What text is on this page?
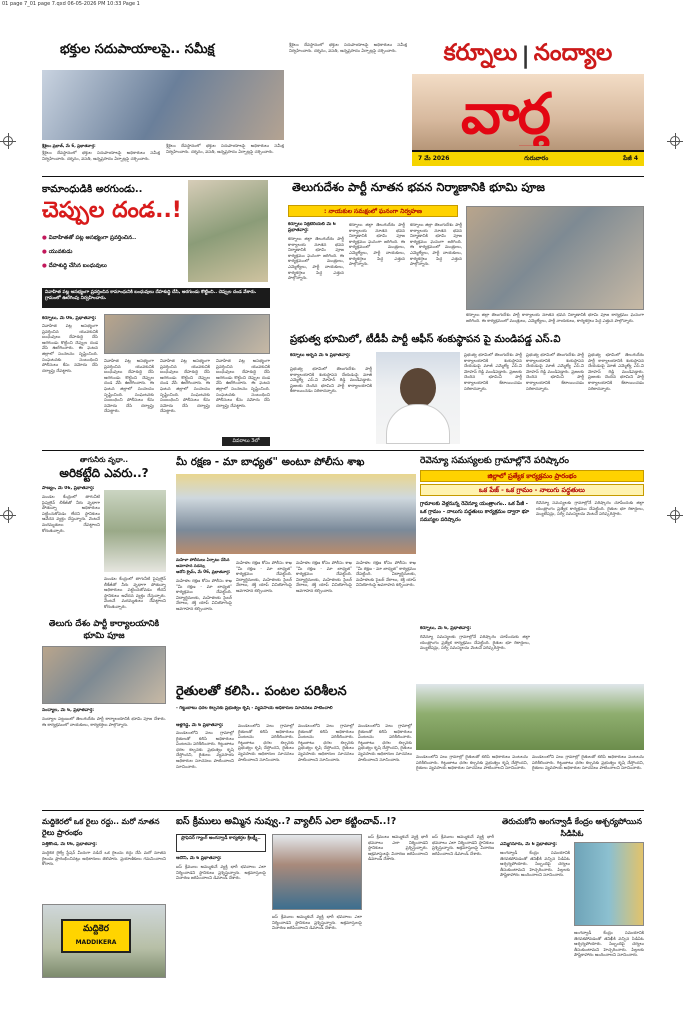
01 page 7_01 page 7.qxd 06-05-2026 PM 10:33 Page 1
భక్తుల సదుపాయాలపై.. సమీక్ష
శ్రీశైలం ప్రభాత్, మే 6, ప్రభాతవార్త:
శ్రీశైలం దేవస్థానంలో భక్తుల సదుపాయాలపై అధికారులు సమీక్ష నిర్వహించారు. దర్శనం, వసతి, అన్నప్రసాదం ఏర్పాట్లపై చర్చించారు.
శ్రీశైలం దేవస్థానంలో భక్తుల సదుపాయాలపై అధికారులు సమీక్ష నిర్వహించారు. దర్శనం, వసతి, అన్నప్రసాదం ఏర్పాట్లపై చర్చించారు.
శ్రీశైలం దేవస్థానంలో భక్తుల సదుపాయాలపై అధికారులు సమీక్ష నిర్వహించారు. దర్శనం, వసతి, అన్నప్రసాదం ఏర్పాట్లపై చర్చించారు.	కర్నూలు | నంద్యాల
వార్త
7 మే 2026	గురువారం	పేజీ 4
కామాంధుడికి అరగుండు..
చెప్పుల దండ..!
● వివాహితతో పట్ల అసభ్యంగా ప్రవర్తించిన..
● యువకుడు
● దేహశుద్ధి చేసిన బంధువులు
వివాహిత పట్ల అసభ్యంగా ప్రవర్తించిన కామాంధునికి బంధువులు దేహశుద్ధి చేసి, అరగుండు కొట్టించి.. చెప్పుల దండ వేశారు. గ్రామంలో ఊరేగింపు నిర్వహించారు.
కర్నూలు, మే 06, ప్రభాతవార్త:
వివాహిత పట్ల అసభ్యంగా ప్రవర్తించిన యువకునికి బంధువులు దేహశుద్ధి చేసి అరగుండు కొట్టించి చెప్పుల దండ వేసి ఊరేగించారు. ఈ ఘటన జిల్లాలో సంచలనం సృష్టించింది. సంఘటనకు సంబంధించి పోలీసులు కేసు నమోదు చేసి దర్యాప్తు చేపట్టారు.
వివాహిత పట్ల అసభ్యంగా ప్రవర్తించిన యువకునికి బంధువులు దేహశుద్ధి చేసి అరగుండు కొట్టించి చెప్పుల దండ వేసి ఊరేగించారు. ఈ ఘటన జిల్లాలో సంచలనం సృష్టించింది. సంఘటనకు సంబంధించి పోలీసులు కేసు నమోదు చేసి దర్యాప్తు చేపట్టారు.
వివాహిత పట్ల అసభ్యంగా ప్రవర్తించిన యువకునికి బంధువులు దేహశుద్ధి చేసి అరగుండు కొట్టించి చెప్పుల దండ వేసి ఊరేగించారు. ఈ ఘటన జిల్లాలో సంచలనం సృష్టించింది. సంఘటనకు సంబంధించి పోలీసులు కేసు నమోదు చేసి దర్యాప్తు చేపట్టారు.
వివాహిత పట్ల అసభ్యంగా ప్రవర్తించిన యువకునికి బంధువులు దేహశుద్ధి చేసి అరగుండు కొట్టించి చెప్పుల దండ వేసి ఊరేగించారు. ఈ ఘటన జిల్లాలో సంచలనం సృష్టించింది. సంఘటనకు సంబంధించి పోలీసులు కేసు నమోదు చేసి దర్యాప్తు చేపట్టారు.
తెలుగుదేశం పార్టీ నూతన భవన నిర్మాణానికి భూమి పూజ
: నాయకుల సమక్షంలో ఘనంగా నిర్వహణ
కర్నూలు సెక్రటేరియట్ మే 6 ప్రభాతవార్త:
కర్నూలు జిల్లా తెలుగుదేశం పార్టీ కార్యాలయ నూతన భవన నిర్మాణానికి భూమి పూజ కార్యక్రమం ఘనంగా జరిగింది. ఈ కార్యక్రమంలో మంత్రులు, ఎమ్మెల్యేలు, పార్టీ నాయకులు, కార్యకర్తలు పెద్ద ఎత్తున పాల్గొన్నారు.
కర్నూలు జిల్లా తెలుగుదేశం పార్టీ కార్యాలయ నూతన భవన నిర్మాణానికి భూమి పూజ కార్యక్రమం ఘనంగా జరిగింది. ఈ కార్యక్రమంలో మంత్రులు, ఎమ్మెల్యేలు, పార్టీ నాయకులు, కార్యకర్తలు పెద్ద ఎత్తున పాల్గొన్నారు.
కర్నూలు జిల్లా తెలుగుదేశం పార్టీ కార్యాలయ నూతన భవన నిర్మాణానికి భూమి పూజ కార్యక్రమం ఘనంగా జరిగింది. ఈ కార్యక్రమంలో మంత్రులు, ఎమ్మెల్యేలు, పార్టీ నాయకులు, కార్యకర్తలు పెద్ద ఎత్తున పాల్గొన్నారు.
కర్నూలు జిల్లా తెలుగుదేశం పార్టీ కార్యాలయ నూతన భవన నిర్మాణానికి భూమి పూజ కార్యక్రమం ఘనంగా జరిగింది. ఈ కార్యక్రమంలో మంత్రులు, ఎమ్మెల్యేలు, పార్టీ నాయకులు, కార్యకర్తలు పెద్ద ఎత్తున పాల్గొన్నారు.
ప్రభుత్వ భూమిలో, టీడీపీ పార్టీ ఆఫీస్ శంకుస్థాపన పై మండిపడ్డ ఎస్.వి
కర్నూలు అర్బన్ మే 6 ప్రభాతవార్త:
ప్రభుత్వ భూమిలో తెలుగుదేశం పార్టీ కార్యాలయానికి శంకుస్థాపన చేయడంపై మాజీ ఎమ్మెల్యే ఎస్.వి మోహన్ రెడ్డి మండిపడ్డారు. ప్రజలకు చెందిన భూమిని పార్టీ కార్యాలయానికి కేటాయించడం సరికాదన్నారు.
ప్రభుత్వ భూమిలో తెలుగుదేశం పార్టీ కార్యాలయానికి శంకుస్థాపన చేయడంపై మాజీ ఎమ్మెల్యే ఎస్.వి మోహన్ రెడ్డి మండిపడ్డారు. ప్రజలకు చెందిన భూమిని పార్టీ కార్యాలయానికి కేటాయించడం సరికాదన్నారు.
ప్రభుత్వ భూమిలో తెలుగుదేశం పార్టీ కార్యాలయానికి శంకుస్థాపన చేయడంపై మాజీ ఎమ్మెల్యే ఎస్.వి మోహన్ రెడ్డి మండిపడ్డారు. ప్రజలకు చెందిన భూమిని పార్టీ కార్యాలయానికి కేటాయించడం సరికాదన్నారు.
ప్రభుత్వ భూమిలో తెలుగుదేశం పార్టీ కార్యాలయానికి శంకుస్థాపన చేయడంపై మాజీ ఎమ్మెల్యే ఎస్.వి మోహన్ రెడ్డి మండిపడ్డారు. ప్రజలకు చెందిన భూమిని పార్టీ కార్యాలయానికి కేటాయించడం సరికాదన్నారు.
వివరాలు 3లో
తాగునీరు వృధా..
అరికట్టేది ఎవరు..?
పాణ్యం, మే 06, ప్రభాతవార్త:
మండల కేంద్రంలో తాగునీటి పైపులైన్ లీకేజీతో నీరు వృధాగా పోతున్నా అధికారులు పట్టించుకోవడం లేదని స్థానికులు ఆవేదన వ్యక్తం చేస్తున్నారు. వెంటనే మరమ్మతులు చేపట్టాలని కోరుతున్నారు.
మండల కేంద్రంలో తాగునీటి పైపులైన్ లీకేజీతో నీరు వృధాగా పోతున్నా అధికారులు పట్టించుకోవడం లేదని స్థానికులు ఆవేదన వ్యక్తం చేస్తున్నారు. వెంటనే మరమ్మతులు చేపట్టాలని కోరుతున్నారు.
తెలుగు దేశం పార్టీ కార్యాలయానికి భూమి పూజ
నంద్యాల, మే 6, ప్రభాతవార్త:
నంద్యాల పట్టణంలో తెలుగుదేశం పార్టీ కార్యాలయానికి భూమి పూజ చేశారు. ఈ కార్యక్రమంలో నాయకులు, కార్యకర్తలు పాల్గొన్నారు.
మీ రక్షణ - మా బాధ్యత" అంటూ పోలీసు శాఖ
మహిళా పోలీసులు ఏర్పాటు చేసిన అవగాహన సదస్సు
ఆదోని క్రైమ్, మే 06, ప్రభాతవార్త:
మహిళల రక్షణ కోసం పోలీసు శాఖ "మీ రక్షణ - మా బాధ్యత" కార్యక్రమం చేపట్టింది. విద్యార్థినులకు, మహిళలకు సైబర్ నేరాలు, శక్తి యాప్ వినియోగంపై అవగాహన కల్పించారు.
మహిళల రక్షణ కోసం పోలీసు శాఖ "మీ రక్షణ - మా బాధ్యత" కార్యక్రమం చేపట్టింది. విద్యార్థినులకు, మహిళలకు సైబర్ నేరాలు, శక్తి యాప్ వినియోగంపై అవగాహన కల్పించారు.
మహిళల రక్షణ కోసం పోలీసు శాఖ "మీ రక్షణ - మా బాధ్యత" కార్యక్రమం చేపట్టింది. విద్యార్థినులకు, మహిళలకు సైబర్ నేరాలు, శక్తి యాప్ వినియోగంపై అవగాహన కల్పించారు.
మహిళల రక్షణ కోసం పోలీసు శాఖ "మీ రక్షణ - మా బాధ్యత" కార్యక్రమం చేపట్టింది. విద్యార్థినులకు, మహిళలకు సైబర్ నేరాలు, శక్తి యాప్ వినియోగంపై అవగాహన కల్పించారు.
రెవెన్యూ సమస్యలకు గ్రామాల్లోనే పరిష్కారం
జిల్లాలో ప్రత్యేక కార్యక్రమం ప్రారంభం
ఒక పేజ్ - ఒక గ్రామం - నాలుగు పద్ధతులు
గ్రామాలకు వెళ్లనున్న రెవెన్యూ యంత్రాంగం.. ఒక పేజీ - ఒక గ్రామం - నాలుగు పద్ధతులు కార్యక్రమం ద్వారా భూ సమస్యల పరిష్కారం
కర్నూలు, మే 6, ప్రభాతవార్త:
రెవెన్యూ సమస్యలకు గ్రామాల్లోనే పరిష్కారం చూపేందుకు జిల్లా యంత్రాంగం ప్రత్యేక కార్యక్రమం చేపట్టింది. రైతుల భూ రికార్డులు, మ్యుటేషన్లు, సర్వే సమస్యలను వెంటనే పరిష్కరిస్తారు.
రెవెన్యూ సమస్యలకు గ్రామాల్లోనే పరిష్కారం చూపేందుకు జిల్లా యంత్రాంగం ప్రత్యేక కార్యక్రమం చేపట్టింది. రైతుల భూ రికార్డులు, మ్యుటేషన్లు, సర్వే సమస్యలను వెంటనే పరిష్కరిస్తారు.
రైతులతో కలిసి.. పంటల పరిశీలన
- గిట్టుబాటు ధరల కల్పనకు ప్రభుత్వం కృషి - వ్యవసాయ అధికారుల సూచనలు పాటించాలి
ఆళ్లగడ్డ, మే 6 ప్రభాతవార్త:
మండలంలోని పలు గ్రామాల్లో రైతులతో కలిసి అధికారులు పంటలను పరిశీలించారు. గిట్టుబాటు ధరల కల్పనకు ప్రభుత్వం కృషి చేస్తోందని, రైతులు వ్యవసాయ అధికారుల సూచనలు పాటించాలని సూచించారు.
మండలంలోని పలు గ్రామాల్లో రైతులతో కలిసి అధికారులు పంటలను పరిశీలించారు. గిట్టుబాటు ధరల కల్పనకు ప్రభుత్వం కృషి చేస్తోందని, రైతులు వ్యవసాయ అధికారుల సూచనలు పాటించాలని సూచించారు.
మండలంలోని పలు గ్రామాల్లో రైతులతో కలిసి అధికారులు పంటలను పరిశీలించారు. గిట్టుబాటు ధరల కల్పనకు ప్రభుత్వం కృషి చేస్తోందని, రైతులు వ్యవసాయ అధికారుల సూచనలు పాటించాలని సూచించారు.
మండలంలోని పలు గ్రామాల్లో రైతులతో కలిసి అధికారులు పంటలను పరిశీలించారు. గిట్టుబాటు ధరల కల్పనకు ప్రభుత్వం కృషి చేస్తోందని, రైతులు వ్యవసాయ అధికారుల సూచనలు పాటించాలని సూచించారు.
మండలంలోని పలు గ్రామాల్లో రైతులతో కలిసి అధికారులు పంటలను పరిశీలించారు. గిట్టుబాటు ధరల కల్పనకు ప్రభుత్వం కృషి చేస్తోందని, రైతులు వ్యవసాయ అధికారుల సూచనలు పాటించాలని సూచించారు.
మండలంలోని పలు గ్రామాల్లో రైతులతో కలిసి అధికారులు పంటలను పరిశీలించారు. గిట్టుబాటు ధరల కల్పనకు ప్రభుత్వం కృషి చేస్తోందని, రైతులు వ్యవసాయ అధికారుల సూచనలు పాటించాలని సూచించారు.
మద్దికెరలో ఒక రైలు రద్దు.. మరో నూతన రైలు ప్రారంభం
పత్తికొండ, మే 06, ప్రభాతవార్త:
మద్దికెర రైల్వే స్టేషన్ మీదుగా నడిచే ఒక రైలును రద్దు చేసి మరో నూతన రైలును ప్రారంభించినట్లు అధికారులు తెలిపారు. ప్రయాణికులు గమనించాలని కోరారు.
మద్దికెర
MADDIKERA
ఐస్ క్రీములు అమ్మిన నువ్వు..? వ్యాలీస్ ఎలా కట్టించావ్..!?
ప్రొఫెసర్ గ్యాంగ్ అంగన్వాడీ కార్యకర్తల శ్రీలక్ష్మీ..
ఆదోని, మే 6 ప్రభాతవార్త:
ఐస్ క్రీములు అమ్ముకునే వ్యక్తి భారీ భవనాలు ఎలా నిర్మించాడని స్థానికులు ప్రశ్నిస్తున్నారు. అక్రమాస్తులపై విచారణ జరిపించాలని డిమాండ్ చేశారు.
ఐస్ క్రీములు అమ్ముకునే వ్యక్తి భారీ భవనాలు ఎలా నిర్మించాడని స్థానికులు ప్రశ్నిస్తున్నారు. అక్రమాస్తులపై విచారణ జరిపించాలని డిమాండ్ చేశారు.
ఐస్ క్రీములు అమ్ముకునే వ్యక్తి భారీ భవనాలు ఎలా నిర్మించాడని స్థానికులు ప్రశ్నిస్తున్నారు. అక్రమాస్తులపై విచారణ జరిపించాలని డిమాండ్ చేశారు.
ఐస్ క్రీములు అమ్ముకునే వ్యక్తి భారీ భవనాలు ఎలా నిర్మించాడని స్థానికులు ప్రశ్నిస్తున్నారు. అక్రమాస్తులపై విచారణ జరిపించాలని డిమాండ్ చేశారు.
తెరుచుకోని అంగన్వాడీ కేంద్రం ఆశ్చర్యపోయిన సిడిపిఓ
ఎమ్మిగనూరు, మే 6 ప్రభాతవార్త:
అంగన్వాడీ కేంద్రం సమయానికి తెరవకపోవడంతో తనిఖీకి వచ్చిన సిడిపిఓ ఆశ్చర్యపోయారు. సిబ్బందిపై చర్యలు తీసుకుంటామని హెచ్చరించారు. పిల్లలకు పౌష్టికాహారం అందించాలని సూచించారు.
అంగన్వాడీ కేంద్రం సమయానికి తెరవకపోవడంతో తనిఖీకి వచ్చిన సిడిపిఓ ఆశ్చర్యపోయారు. సిబ్బందిపై చర్యలు తీసుకుంటామని హెచ్చరించారు. పిల్లలకు పౌష్టికాహారం అందించాలని సూచించారు.
